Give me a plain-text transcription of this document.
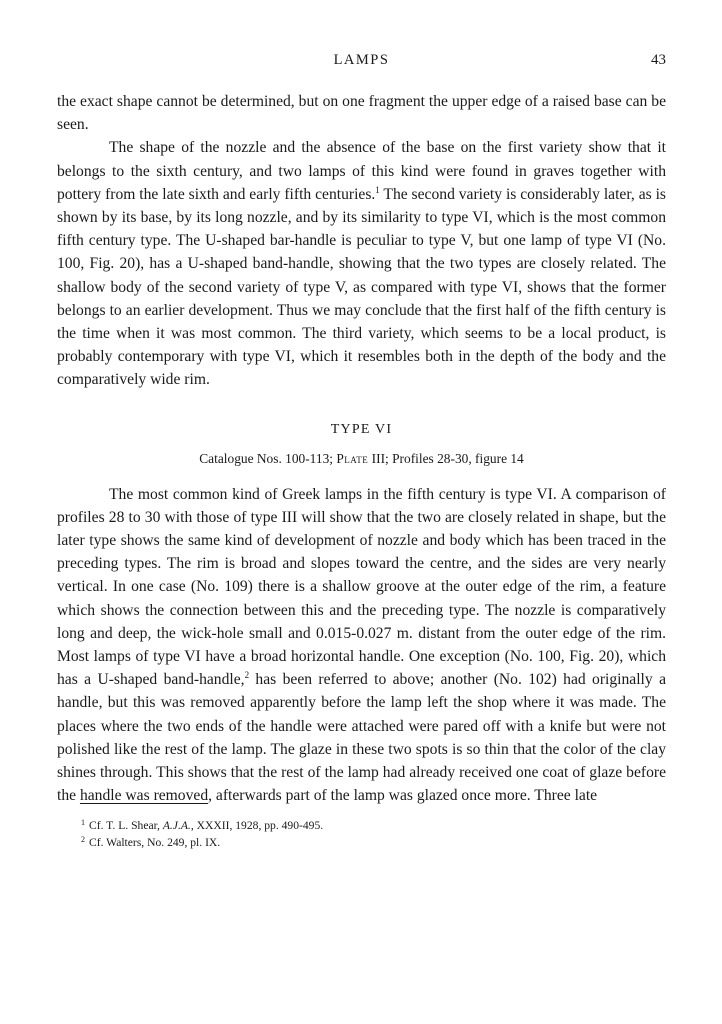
LAMPS	43

the exact shape cannot be determined, but on one fragment the upper edge of a raised base can be seen.

The shape of the nozzle and the absence of the base on the first variety show that it belongs to the sixth century, and two lamps of this kind were found in graves together with pottery from the late sixth and early fifth centuries.$^1$ The second variety is considerably later, as is shown by its base, by its long nozzle, and by its similarity to type VI, which is the most common fifth century type. The U-shaped bar-handle is peculiar to type V, but one lamp of type VI (No. 100, Fig. 20), has a U-shaped band-handle, showing that the two types are closely related. The shallow body of the second variety of type V, as compared with type VI, shows that the former belongs to an earlier development. Thus we may conclude that the first half of the fifth century is the time when it was most common. The third variety, which seems to be a local product, is probably contemporary with type VI, which it resembles both in the depth of the body and the comparatively wide rim.

TYPE VI
Catalogue Nos. 100-113; Plate III; Profiles 28-30, figure 14

The most common kind of Greek lamps in the fifth century is type VI. A comparison of profiles 28 to 30 with those of type III will show that the two are closely related in shape, but the later type shows the same kind of development of nozzle and body which has been traced in the preceding types. The rim is broad and slopes toward the centre, and the sides are very nearly vertical. In one case (No. 109) there is a shallow groove at the outer edge of the rim, a feature which shows the connection between this and the preceding type. The nozzle is comparatively long and deep, the wick-hole small and 0.015-0.027 m. distant from the outer edge of the rim. Most lamps of type VI have a broad horizontal handle. One exception (No. 100, Fig. 20), which has a U-shaped band-handle,$^2$ has been referred to above; another (No. 102) had originally a handle, but this was removed apparently before the lamp left the shop where it was made. The places where the two ends of the handle were attached were pared off with a knife but were not polished like the rest of the lamp. The glaze in these two spots is so thin that the color of the clay shines through. This shows that the rest of the lamp had already received one coat of glaze before the handle was removed, afterwards part of the lamp was glazed once more. Three late

$^1$ Cf. T. L. Shear, A.J.A., XXXII, 1928, pp. 490-495.
$^2$ Cf. Walters, No. 249, pl. IX.
